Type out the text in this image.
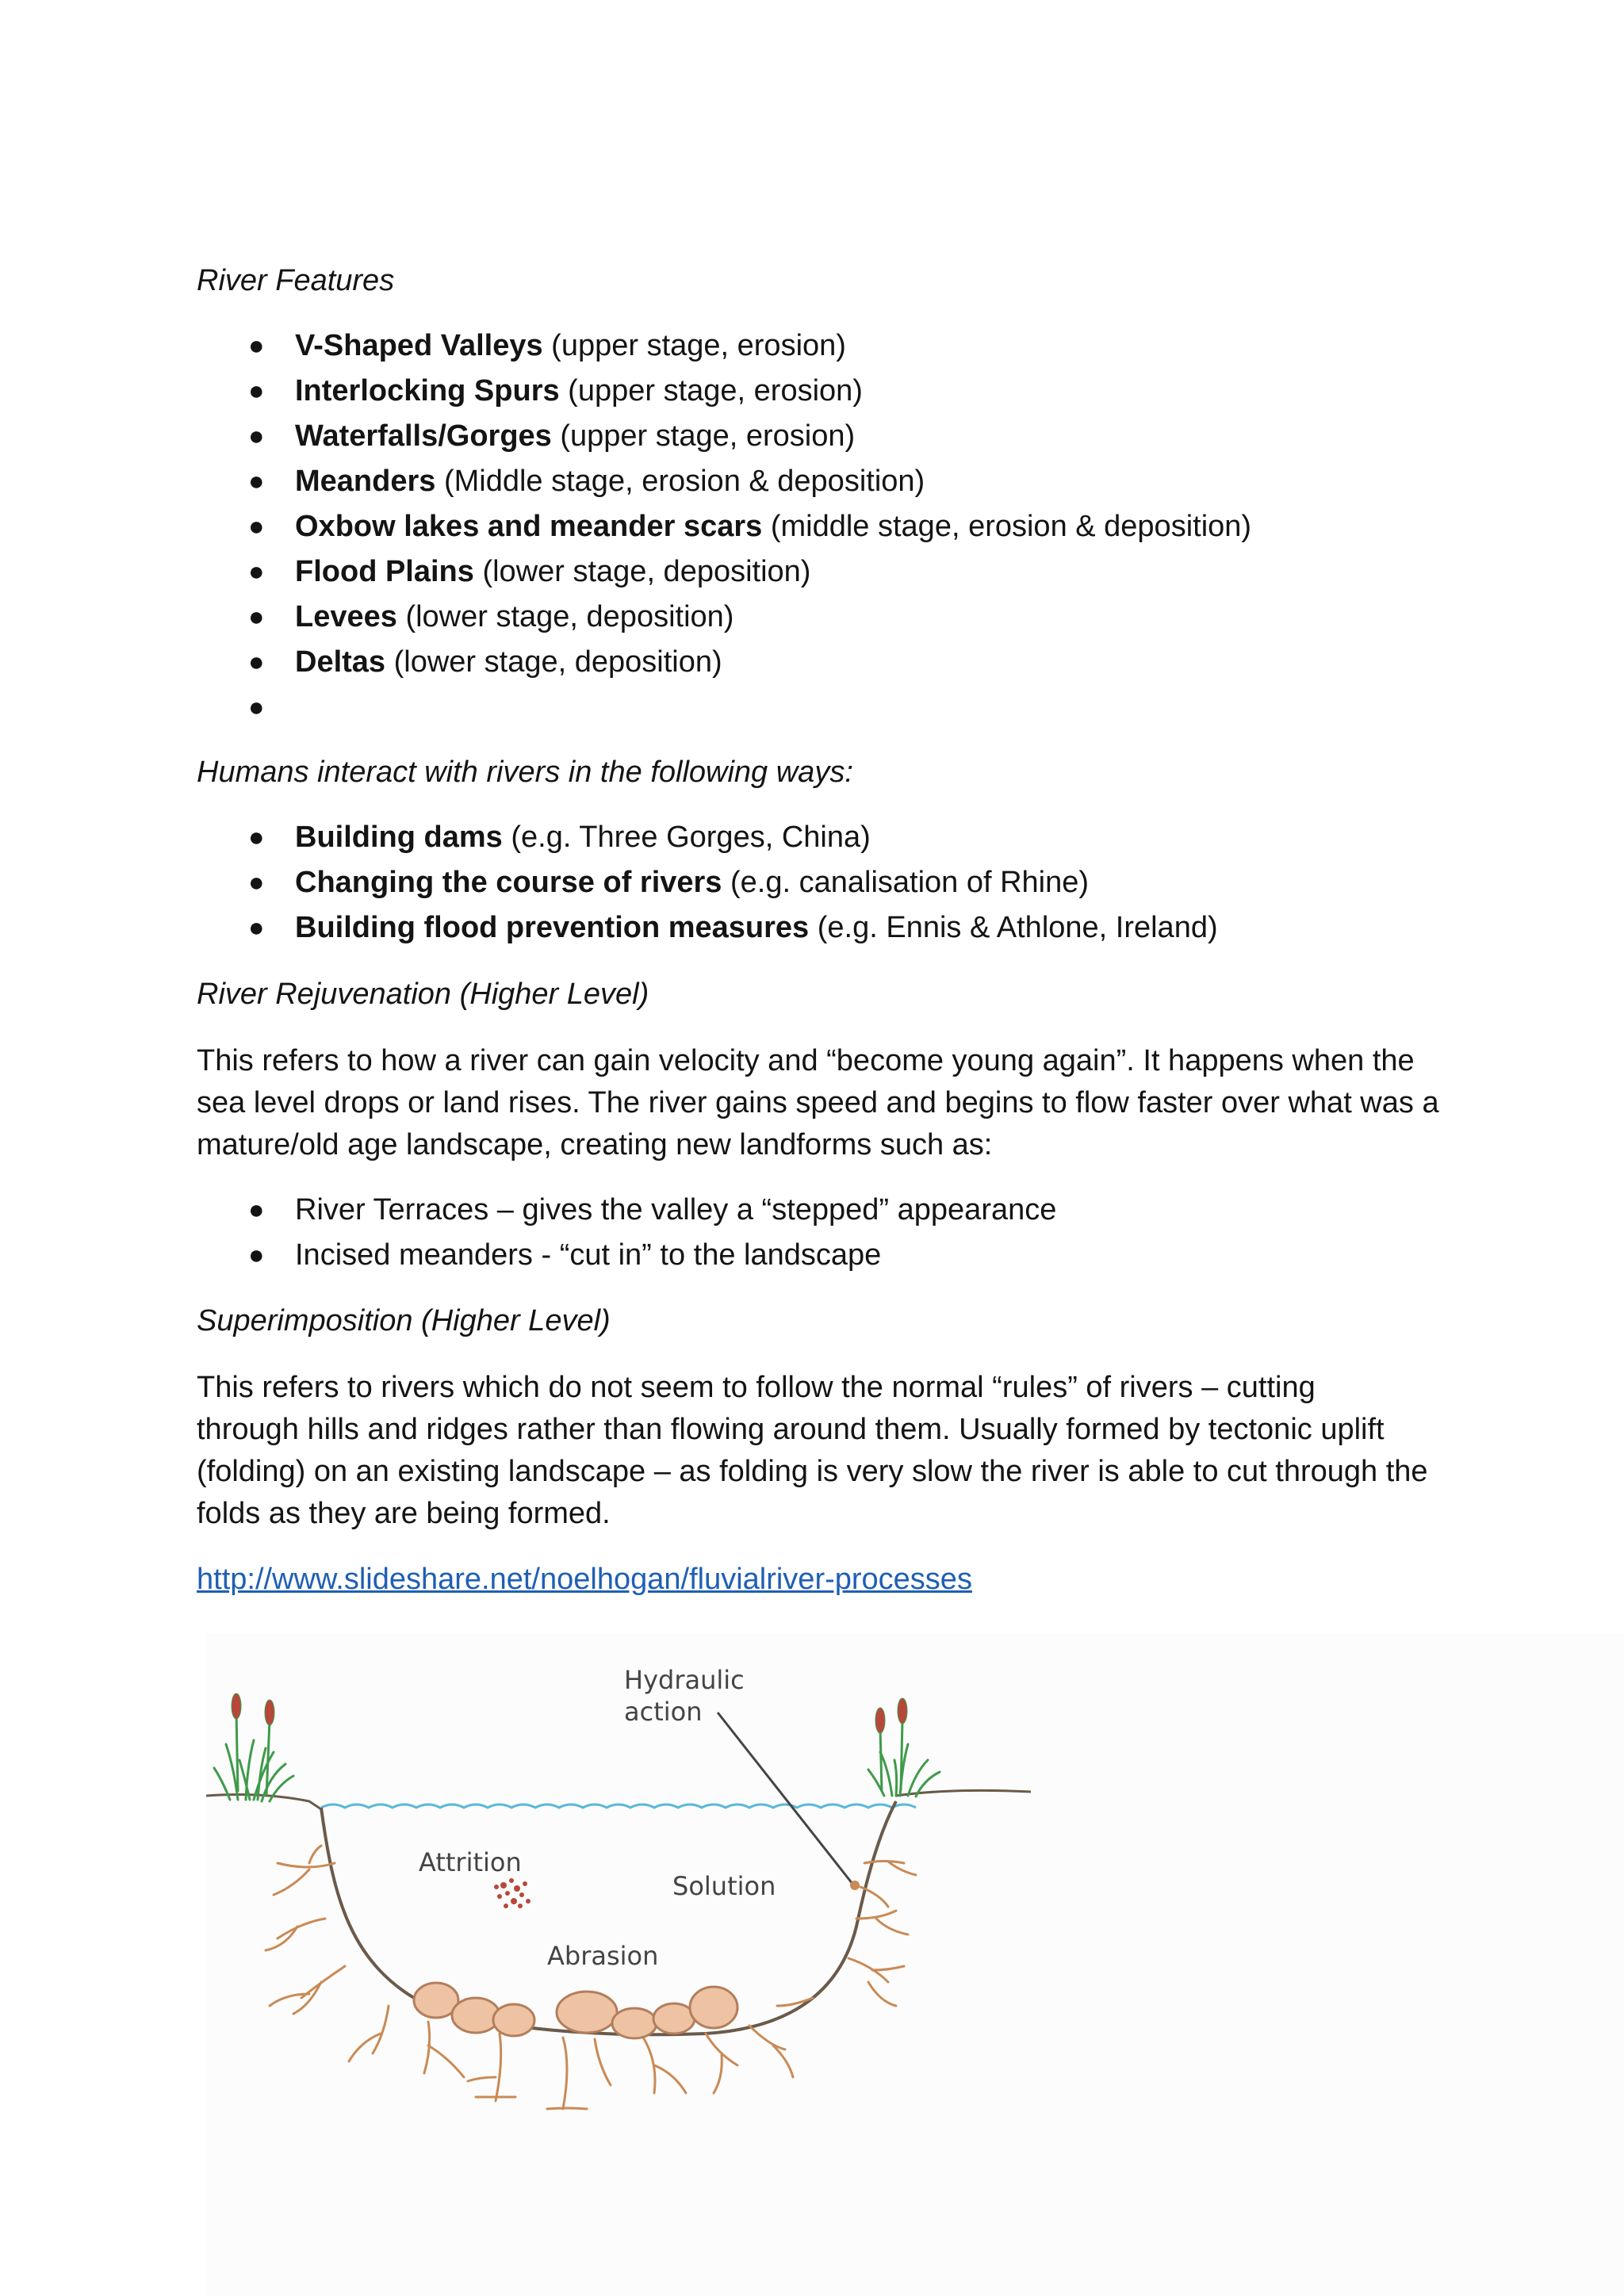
River Features
● V-Shaped Valleys (upper stage, erosion)
● Interlocking Spurs (upper stage, erosion)
● Waterfalls/Gorges (upper stage, erosion)
● Meanders (Middle stage, erosion & deposition)
● Oxbow lakes and meander scars (middle stage, erosion & deposition)
● Flood Plains (lower stage, deposition)
● Levees (lower stage, deposition)
● Deltas (lower stage, deposition)
●
Humans interact with rivers in the following ways:
● Building dams (e.g. Three Gorges, China)
● Changing the course of rivers (e.g. canalisation of Rhine)
● Building flood prevention measures (e.g. Ennis & Athlone, Ireland)
River Rejuvenation (Higher Level)

This refers to how a river can gain velocity and “become young again”. It happens when the
sea level drops or land rises. The river gains speed and begins to flow faster over what was a
mature/old age landscape, creating new landforms such as:

● River Terraces – gives the valley a “stepped” appearance
● Incised meanders - “cut in” to the landscape
Superimposition (Higher Level)

This refers to rivers which do not seem to follow the normal “rules” of rivers – cutting
through hills and ridges rather than flowing around them. Usually formed by tectonic uplift
(folding) on an existing landscape – as folding is very slow the river is able to cut through the
folds as they are being formed.

http://www.slideshare.net/noelhogan/fluvialriver-processes
Hydraulic
action
Attrition
Solution
Abrasion
